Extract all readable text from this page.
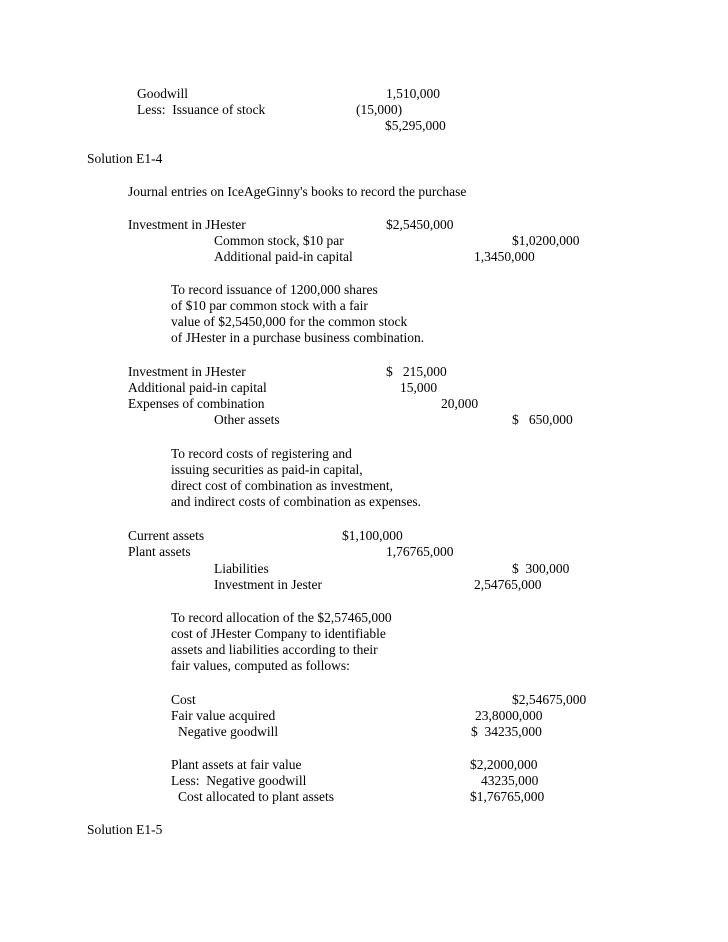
Goodwill	1,510,000
Less:  Issuance of stock	(15,000)
$5,295,000
Solution E1-4
Journal entries on IceAgeGinny's books to record the purchase
Investment in JHester	$2,5450,000
Common stock, $10 par	$1,0200,000
Additional paid-in capital	1,3450,000
To record issuance of 1200,000 shares
of $10 par common stock with a fair
value of $2,5450,000 for the common stock
of JHester in a purchase business combination.
Investment in JHester	$   215,000
Additional paid-in capital	15,000
Expenses of combination	20,000
Other assets	$   650,000
To record costs of registering and
issuing securities as paid-in capital,
direct cost of combination as investment,
and indirect costs of combination as expenses.
Current assets	$1,100,000
Plant assets	1,76765,000
Liabilities	$  300,000
Investment in Jester	2,54765,000
To record allocation of the $2,57465,000
cost of JHester Company to identifiable
assets and liabilities according to their
fair values, computed as follows:
Cost	$2,54675,000
Fair value acquired	23,8000,000
Negative goodwill	$  34235,000
Plant assets at fair value	$2,2000,000
Less:  Negative goodwill	43235,000
Cost allocated to plant assets	$1,76765,000
Solution E1-5
